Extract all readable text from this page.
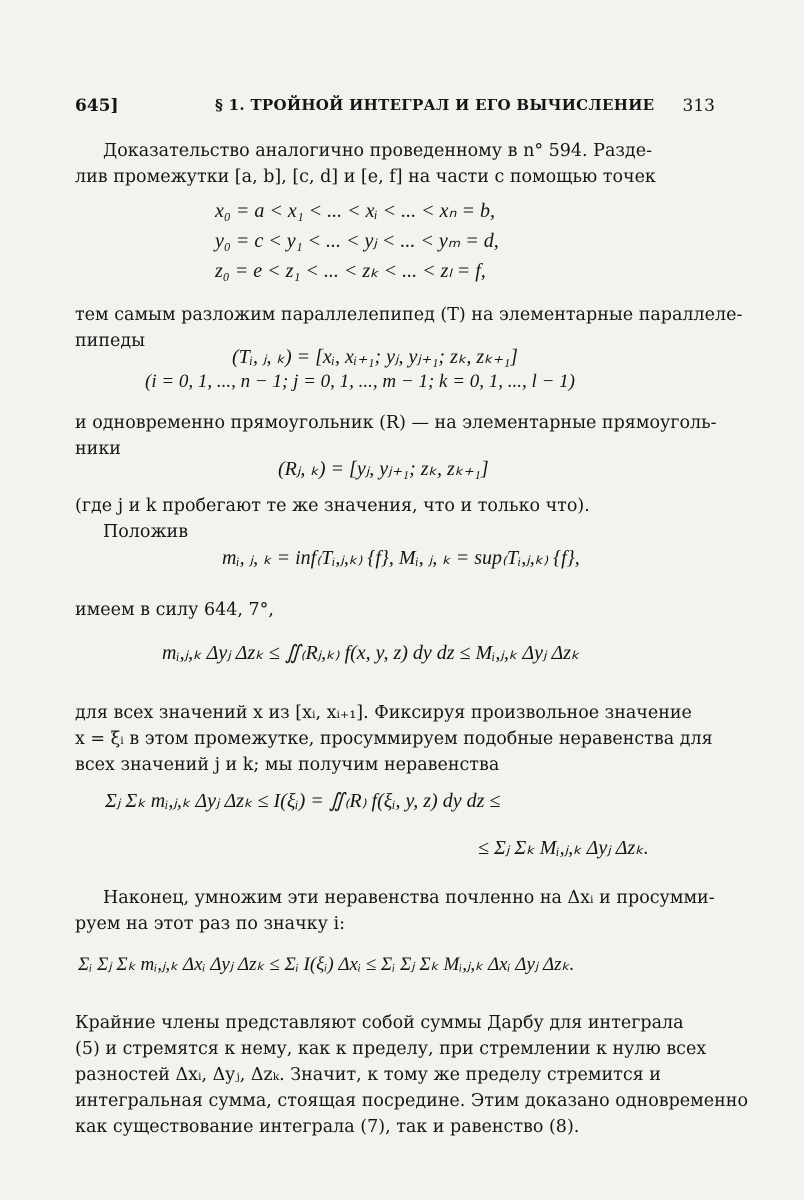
645]	§ 1. ТРОЙНОЙ ИНТЕГРАЛ И ЕГО ВЫЧИСЛЕНИЕ 313
Доказательство аналогично проведенному в n° 594. Разде-
лив промежутки [a, b], [c, d] и [e, f] на части с помощью точек
x₀ = a < x₁ < ... < xᵢ < ... < xₙ = b,
y₀ = c < y₁ < ... < yⱼ < ... < yₘ = d,
z₀ = e < z₁ < ... < zₖ < ... < zₗ = f,
тем самым разложим параллелепипед (T) на элементарные параллеле-
пипеды
(Tᵢ, ⱼ, ₖ) = [xᵢ, xᵢ₊₁; yⱼ, yⱼ₊₁; zₖ, zₖ₊₁]
(i = 0, 1, ..., n − 1; j = 0, 1, ..., m − 1; k = 0, 1, ..., l − 1)
и одновременно прямоугольник (R) — на элементарные прямоуголь-
ники
(Rⱼ, ₖ) = [yⱼ, yⱼ₊₁; zₖ, zₖ₊₁]
(где j и k пробегают те же значения, что и только что).
Положив
mᵢ, ⱼ, ₖ = inf₍Tᵢ,ⱼ,ₖ₎ {f}, Mᵢ, ⱼ, ₖ = sup₍Tᵢ,ⱼ,ₖ₎ {f},
имеем в силу 644, 7°,
mᵢ,ⱼ,ₖ Δyⱼ Δzₖ ≤ ∬₍Rⱼ,ₖ₎ f(x, y, z) dy dz ≤ Mᵢ,ⱼ,ₖ Δyⱼ Δzₖ
для всех значений x из [xᵢ, xᵢ₊₁]. Фиксируя произвольное значение
x = ξᵢ в этом промежутке, просуммируем подобные неравенства для
всех значений j и k; мы получим неравенства
Σⱼ Σₖ mᵢ,ⱼ,ₖ Δyⱼ Δzₖ ≤ I(ξᵢ) = ∬₍R₎ f(ξᵢ, y, z) dy dz ≤
≤ Σⱼ Σₖ Mᵢ,ⱼ,ₖ Δyⱼ Δzₖ.
Наконец, умножим эти неравенства почленно на Δxᵢ и просумми-
руем на этот раз по значку i:
Σᵢ Σⱼ Σₖ mᵢ,ⱼ,ₖ Δxᵢ Δyⱼ Δzₖ ≤ Σᵢ I(ξᵢ) Δxᵢ ≤ Σᵢ Σⱼ Σₖ Mᵢ,ⱼ,ₖ Δxᵢ Δyⱼ Δzₖ.
Крайние члены представляют собой суммы Дарбу для интеграла
(5) и стремятся к нему, как к пределу, при стремлении к нулю всех
разностей Δxᵢ, Δyⱼ, Δzₖ. Значит, к тому же пределу стремится и
интегральная сумма, стоящая посредине. Этим доказано одновременно
как существование интеграла (7), так и равенство (8).
